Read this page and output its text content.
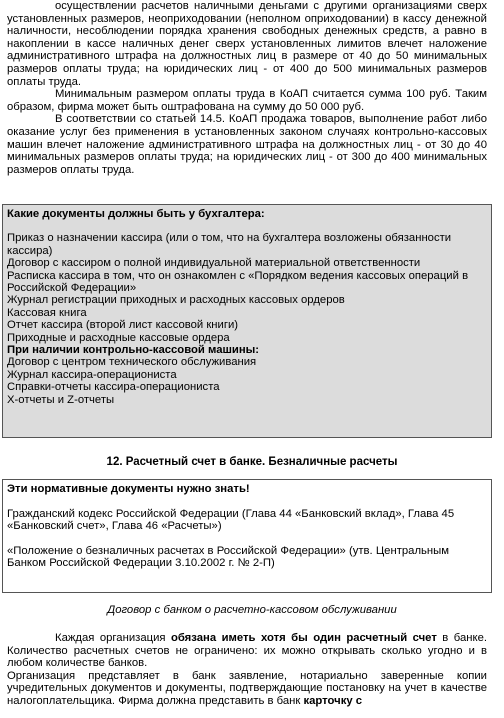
осуществлении расчетов наличными деньгами с другими организациями сверх установленных размеров, неоприходовании (неполном оприходовании) в кассу денежной наличности, несоблюдении порядка хранения свободных денежных средств, а равно в накоплении в кассе наличных денег сверх установленных лимитов влечет наложение административного штрафа на должностных лиц в размере от 40 до 50 минимальных размеров оплаты труда; на юридических лиц - от 400 до 500 минимальных размеров оплаты труда.

Минимальным размером оплаты труда в КоАП считается сумма 100 руб. Таким образом, фирма может быть оштрафована на сумму до 50 000 руб.

В соответствии со статьей 14.5. КоАП продажа товаров, выполнение работ либо оказание услуг без применения в установленных законом случаях контрольно-кассовых машин влечет наложение административного штрафа на должностных лиц - от 30 до 40 минимальных размеров оплаты труда; на юридических лиц - от 300 до 400 минимальных размеров оплаты труда.

Какие документы должны быть у бухгалтера:

Приказ о назначении кассира (или о том, что на бухгалтера возложены обязанности кассира)

Договор с кассиром о полной индивидуальной материальной ответственности

Расписка кассира в том, что он ознакомлен с «Порядком ведения кассовых операций в Российской Федерации»

Журнал регистрации приходных и расходных кассовых ордеров

Кассовая книга

Отчет кассира (второй лист кассовой книги)

Приходные и расходные кассовые ордера

При наличии контрольно-кассовой машины:

Договор с центром технического обслуживания

Журнал кассира-операциониста

Справки-отчеты кассира-операциониста

Х-отчеты и Z-отчеты

12. Расчетный счет в банке. Безналичные расчеты

Эти нормативные документы нужно знать!

Гражданский кодекс Российской Федерации (Глава 44 «Банковский вклад», Глава 45 «Банковский счет», Глава 46 «Расчеты»)

«Положение о безналичных расчетах в Российской Федерации» (утв. Центральным Банком Российской Федерации 3.10.2002 г. № 2-П)

Договор с банком о расчетно-кассовом обслуживании

Каждая организация обязана иметь хотя бы один расчетный счет в банке. Количество расчетных счетов не ограничено: их можно открывать сколько угодно и в любом количестве банков.

Организация представляет в банк заявление, нотариально заверенные копии учредительных документов и документы, подтверждающие постановку на учет в качестве налогоплательщика. Фирма должна представить в банк карточку с
